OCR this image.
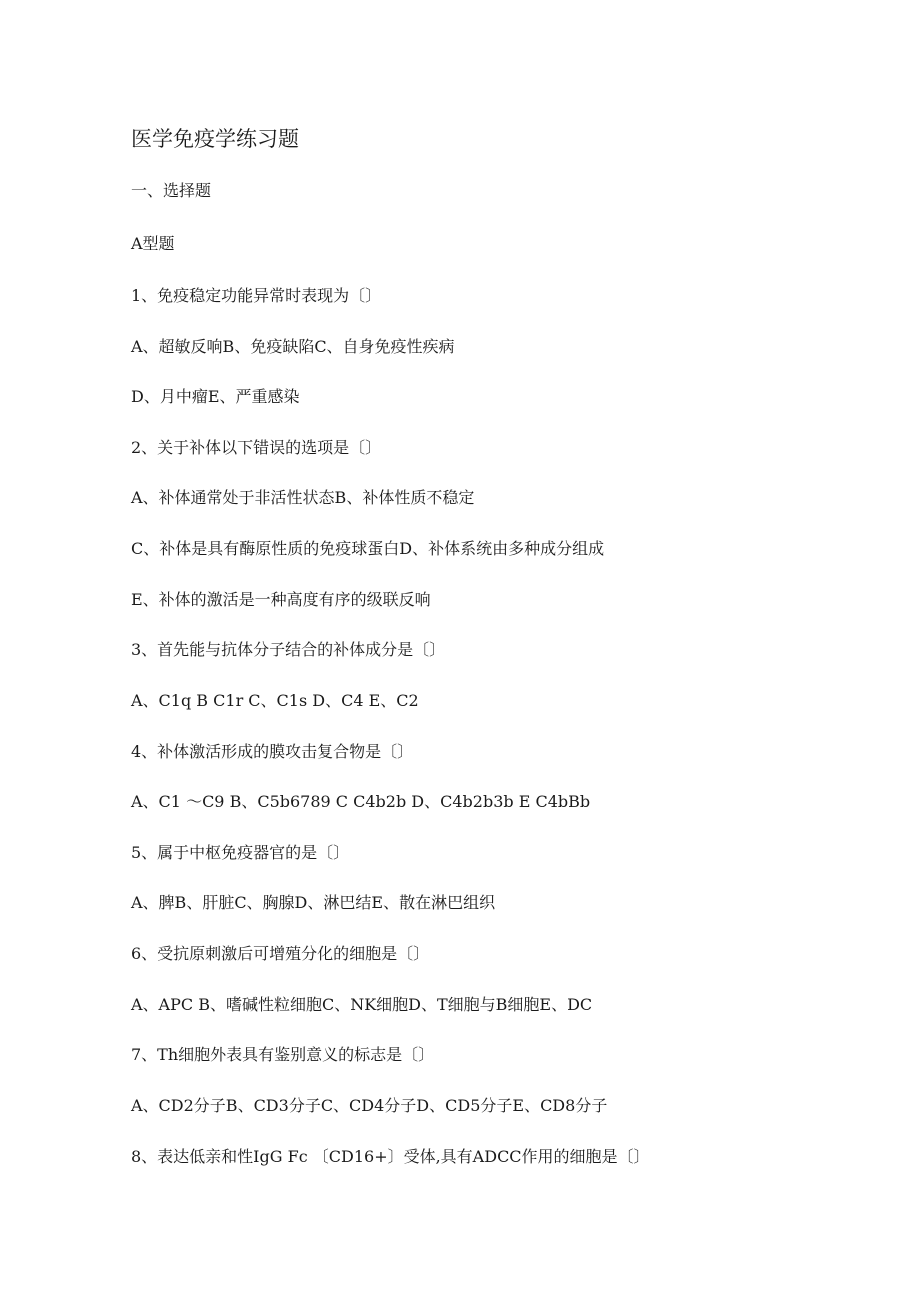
医学免疫学练习题
一、选择题
A型题
1、免疫稳定功能异常时表现为〔〕
A、超敏反响B、免疫缺陷C、自身免疫性疾病
D、月中瘤E、严重感染
2、关于补体以下错误的选项是〔〕
A、补体通常处于非活性状态B、补体性质不稳定
C、补体是具有酶原性质的免疫球蛋白D、补体系统由多种成分组成
E、补体的激活是一种高度有序的级联反响
3、首先能与抗体分子结合的补体成分是〔〕
A、C1q B C1r C、C1s D、C4 E、C2
4、补体激活形成的膜攻击复合物是〔〕
A、C1 ～C9 B、C5b6789 C C4b2b D、C4b2b3b E C4bBb
5、属于中枢免疫器官的是〔〕
A、脾B、肝脏C、胸腺D、淋巴结E、散在淋巴组织
6、受抗原刺激后可增殖分化的细胞是〔〕
A、APC B、嗜碱性粒细胞C、NK细胞D、T细胞与B细胞E、DC
7、Th细胞外表具有鉴别意义的标志是〔〕
A、CD2分子B、CD3分子C、CD4分子D、CD5分子E、CD8分子
8、表达低亲和性IgG Fc 〔CD16+〕受体,具有ADCC作用的细胞是〔〕
